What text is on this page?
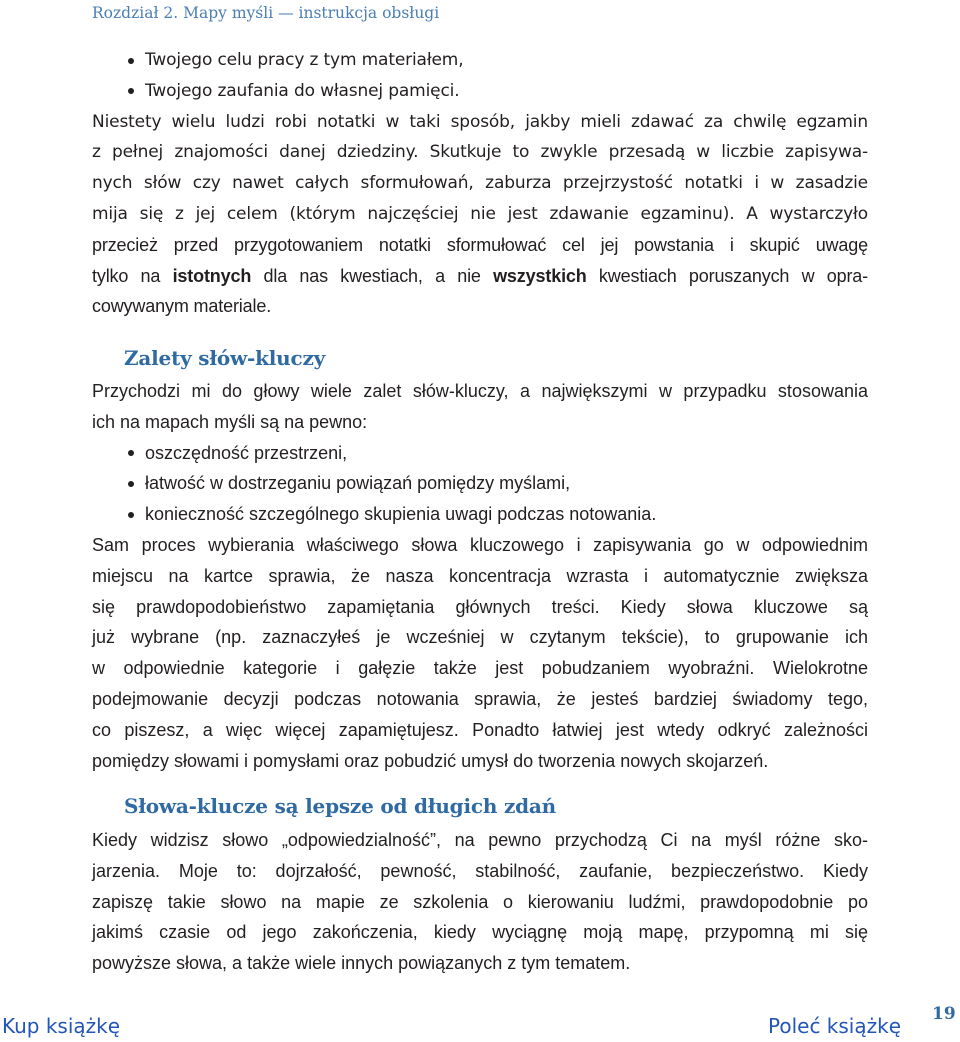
Rozdział 2. Mapy myśli — instrukcja obsługi
Twojego celu pracy z tym materiałem,
Twojego zaufania do własnej pamięci.
Niestety wielu ludzi robi notatki w taki sposób, jakby mieli zdawać za chwilę egzamin
z pełnej znajomości danej dziedziny. Skutkuje to zwykle przesadą w liczbie zapisywa-
nych słów czy nawet całych sformułowań, zaburza przejrzystość notatki i w zasadzie
mija się z jej celem (którym najczęściej nie jest zdawanie egzaminu). A wystarczyło
przecież przed przygotowaniem notatki sformułować cel jej powstania i skupić uwagę
tylko na istotnych dla nas kwestiach, a nie wszystkich kwestiach poruszanych w opra-
cowywanym materiale.
Zalety słów-kluczy
Przychodzi mi do głowy wiele zalet słów-kluczy, a największymi w przypadku stosowania
ich na mapach myśli są na pewno:
oszczędność przestrzeni,
łatwość w dostrzeganiu powiązań pomiędzy myślami,
konieczność szczególnego skupienia uwagi podczas notowania.
Sam proces wybierania właściwego słowa kluczowego i zapisywania go w odpowiednim
miejscu na kartce sprawia, że nasza koncentracja wzrasta i automatycznie zwiększa
się prawdopodobieństwo zapamiętania głównych treści. Kiedy słowa kluczowe są
już wybrane (np. zaznaczyłeś je wcześniej w czytanym tekście), to grupowanie ich
w odpowiednie kategorie i gałęzie także jest pobudzaniem wyobraźni. Wielokrotne
podejmowanie decyzji podczas notowania sprawia, że jesteś bardziej świadomy tego,
co piszesz, a więc więcej zapamiętujesz. Ponadto łatwiej jest wtedy odkryć zależności
pomiędzy słowami i pomysłami oraz pobudzić umysł do tworzenia nowych skojarzeń.
Słowa-klucze są lepsze od długich zdań
Kiedy widzisz słowo „odpowiedzialność”, na pewno przychodzą Ci na myśl różne sko-
jarzenia. Moje to: dojrzałość, pewność, stabilność, zaufanie, bezpieczeństwo. Kiedy
zapiszę takie słowo na mapie ze szkolenia o kierowaniu ludźmi, prawdopodobnie po
jakimś czasie od jego zakończenia, kiedy wyciągnę moją mapę, przypomną mi się
powyższe słowa, a także wiele innych powiązanych z tym tematem.
Kup książkę	Poleć książkę 19
